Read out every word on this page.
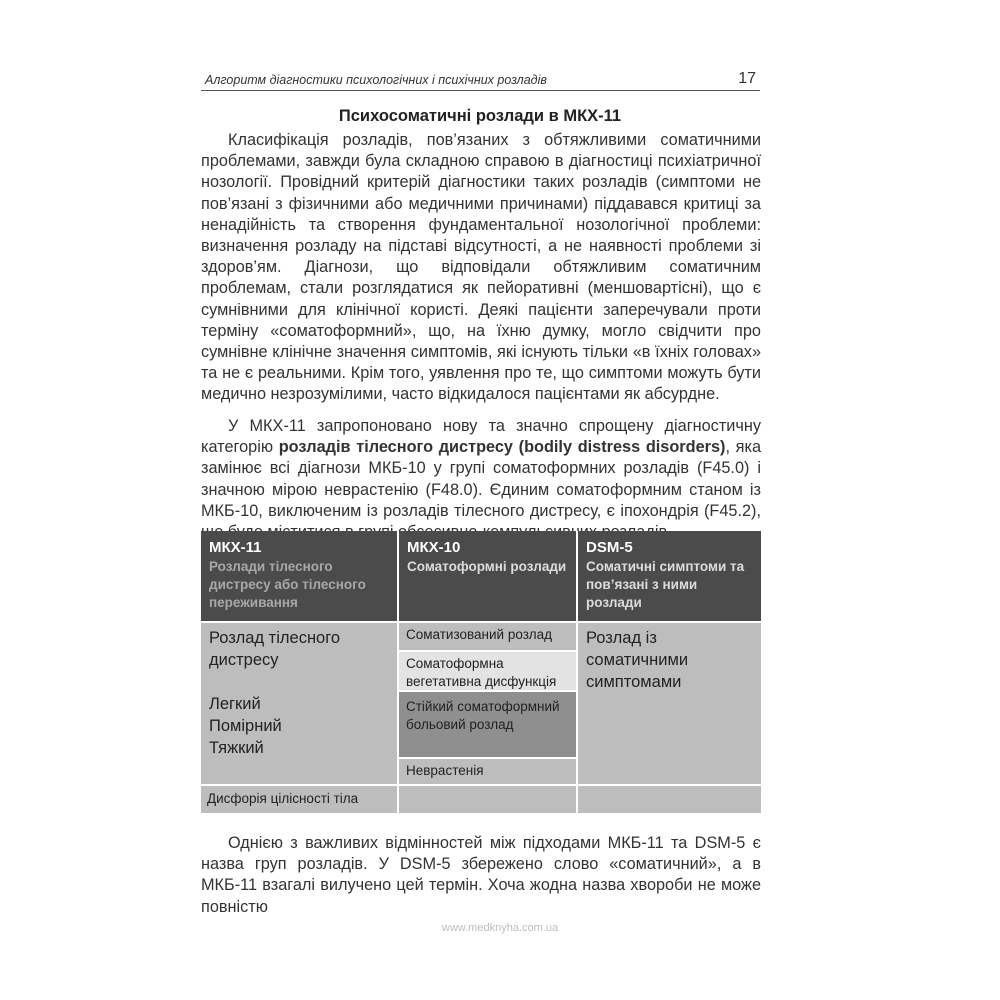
Алгоритм діагностики психологічних і психічних розладів	17
Психосоматичні розлади в МКХ-11

Класифікація розладів, пов’язаних з обтяжливими соматичними проблемами, завжди була складною справою в діагностиці психіатричної нозології. Провідний критерій діагностики таких розладів (симптоми не пов’язані з фізичними або медичними причинами) піддавався критиці за ненадійність та створення фундаментальної нозологічної проблеми: визначення розладу на підставі відсутності, а не наявності проблеми зі здоров’ям. Діагнози, що відповідали обтяжливим соматичним проблемам, стали розглядатися як пейоративні (меншовартісні), що є сумнівними для клінічної користі. Деякі пацієнти заперечували проти терміну «соматоформний», що, на їхню думку, могло свідчити про сумнівне клінічне значення симптомів, які існують тільки «в їхніх головах» та не є реальними. Крім того, уявлення про те, що симптоми можуть бути медично незрозумілими, часто відкидалося пацієнтами як абсурдне.

У МКХ-11 запропоновано нову та значно спрощену діагностичну категорію розладів тілесного дистресу (bodily distress disorders), яка замінює всі діагнози МКБ-10 у групі соматоформних розладів (F45.0) і значною мірою неврастенію (F48.0). Єдиним соматоформним станом із МКБ-10, виключеним із розладів тілесного дистресу, є іпохондрія (F45.2),

МКХ-11
Розлади тілесного дистресу або тілесного переживання
МКХ-10
Соматоформні розлади
DSM-5
Соматичні симптоми та пов’язані з ними розлади
Розлад тілесного дистресу
Легкий
Помірний
Тяжкий
Соматизований розлад
Соматоформна вегетативна дисфункція
Стійкий соматоформний больовий розлад
Неврастенія
Розлад із соматичними симптомами
Дисфорія цілісності тіла

Однією з важливих відмінностей між підходами МКБ-11 та DSM-5 є назва груп розладів. У DSM-5 збережено слово «соматичний», а в МКБ-11 взагалі вилучено цей термін. Хоча жодна назва хвороби не може повністю

www.medknyha.com.ua
